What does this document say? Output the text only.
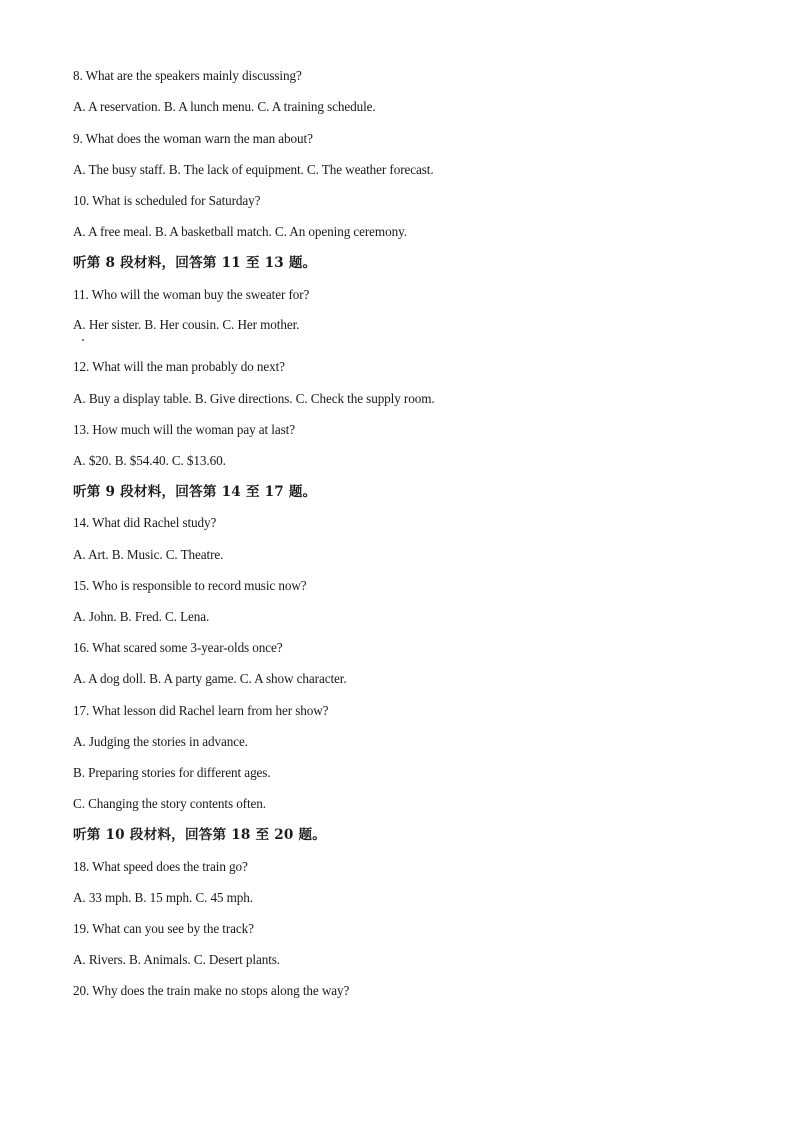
8. What are the speakers mainly discussing?
A. A reservation. B. A lunch menu. C. A training schedule.
9. What does the woman warn the man about?
A. The busy staff. B. The lack of equipment. C. The weather forecast.
10. What is scheduled for Saturday?
A. A free meal. B. A basketball match. C. An opening ceremony.
听第 8 段材料，回答第 11 至 13 题。
11. Who will the woman buy the sweater for?
A. Her sister. B. Her cousin. C. Her mother.
12. What will the man probably do next?
A. Buy a display table. B. Give directions. C. Check the supply room.
13. How much will the woman pay at last?
A. $20. B. $54.40. C. $13.60.
听第 9 段材料，回答第 14 至 17 题。
14. What did Rachel study?
A. Art. B. Music. C. Theatre.
15. Who is responsible to record music now?
A. John. B. Fred. C. Lena.
16. What scared some 3-year-olds once?
A. A dog doll. B. A party game. C. A show character.
17. What lesson did Rachel learn from her show?
A. Judging the stories in advance.
B. Preparing stories for different ages.
C. Changing the story contents often.
听第 10 段材料，回答第 18 至 20 题。
18. What speed does the train go?
A. 33 mph. B. 15 mph. C. 45 mph.
19. What can you see by the track?
A. Rivers. B. Animals. C. Desert plants.
20. Why does the train make no stops along the way?
